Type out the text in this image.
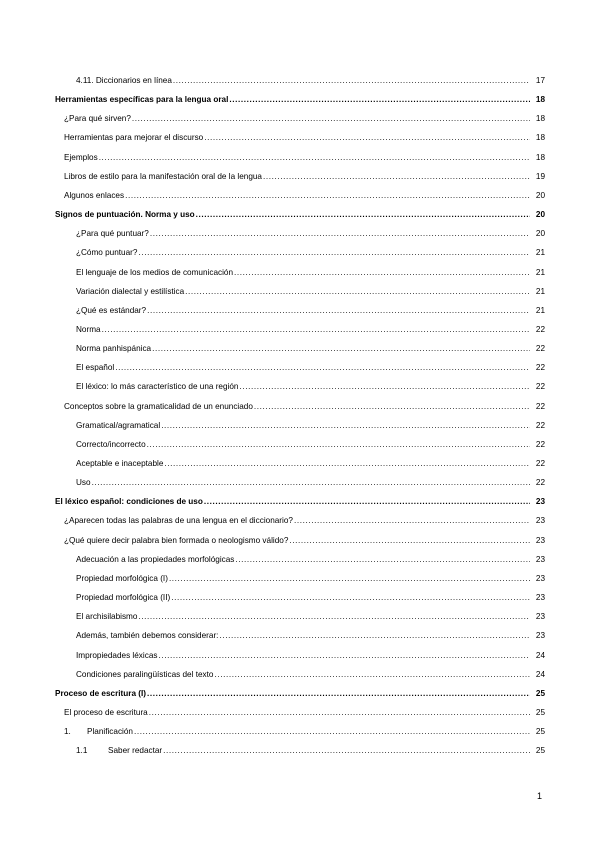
4.11. Diccionarios en línea .....	17
Herramientas específicas para la lengua oral .....	18
¿Para qué sirven? .....	18
Herramientas para mejorar el discurso .....	18
Ejemplos .....	18
Libros de estilo para la manifestación oral de la lengua .....	19
Algunos enlaces .....	20
Signos de puntuación. Norma y uso .....	20
¿Para qué puntuar? .....	20
¿Cómo puntuar? .....	21
El lenguaje de los medios de comunicación .....	21
Variación dialectal y estilística .....	21
¿Qué es estándar? .....	21
Norma .....	22
Norma panhispánica .....	22
El español .....	22
El léxico: lo más característico de una región .....	22
Conceptos sobre la gramaticalidad de un enunciado .....	22
Gramatical/agramatical .....	22
Correcto/incorrecto .....	22
Aceptable e inaceptable .....	22
Uso .....	22
El léxico español: condiciones de uso .....	23
¿Aparecen todas las palabras de una lengua en el diccionario? .....	23
¿Qué quiere decir palabra bien formada o neologismo válido? .....	23
Adecuación a las propiedades morfológicas .....	23
Propiedad morfológica (I) .....	23
Propiedad morfológica (II) .....	23
El archisilabismo .....	23
Además, también debemos considerar: .....	23
Impropiedades léxicas .....	24
Condiciones paralingüísticas del texto .....	24
Proceso de escritura (I) .....	25
El proceso de escritura .....	25
1.	Planificación .....	25
1.1	Saber redactar .....	25
1
